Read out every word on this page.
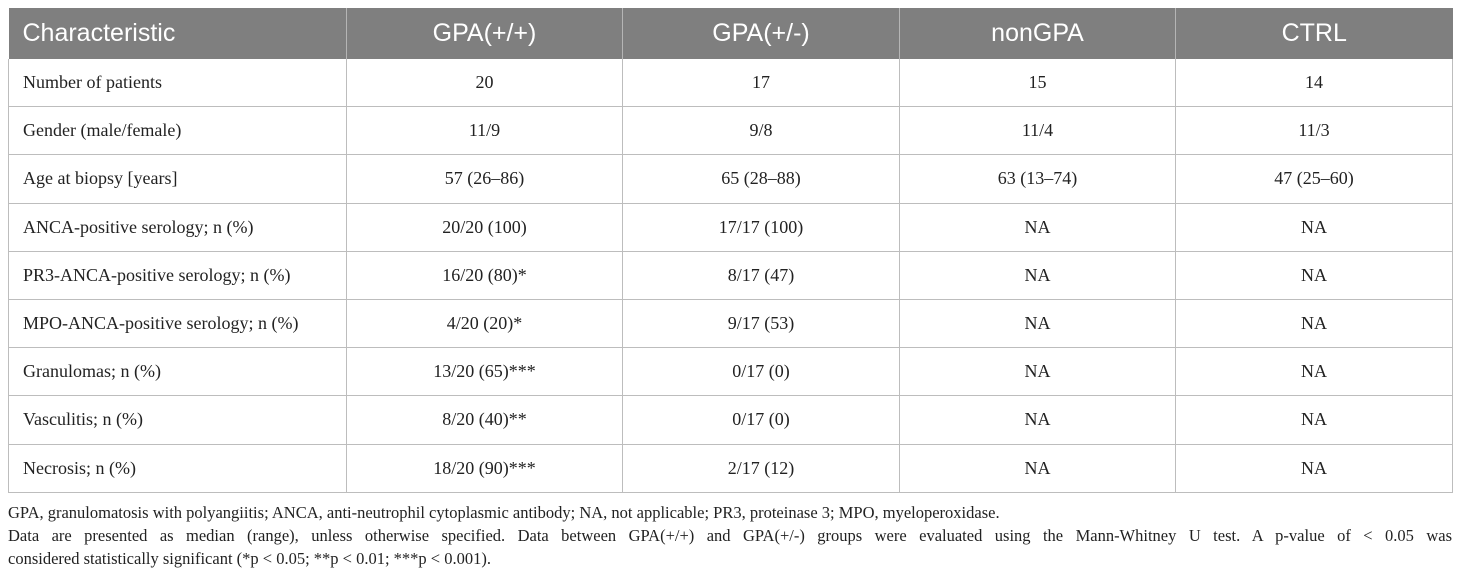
Characteristic	GPA(+/+)	GPA(+/-)	nonGPA	CTRL
Number of patients	20	17	15	14
Gender (male/female)	11/9	9/8	11/4	11/3
Age at biopsy [years]	57 (26–86)	65 (28–88)	63 (13–74)	47 (25–60)
ANCA-positive serology; n (%)	20/20 (100)	17/17 (100)	NA	NA
PR3-ANCA-positive serology; n (%)	16/20 (80)*	8/17 (47)	NA	NA
MPO-ANCA-positive serology; n (%)	4/20 (20)*	9/17 (53)	NA	NA
Granulomas; n (%)	13/20 (65)***	0/17 (0)	NA	NA
Vasculitis; n (%)	8/20 (40)**	0/17 (0)	NA	NA
Necrosis; n (%)	18/20 (90)***	2/17 (12)	NA	NA

GPA, granulomatosis with polyangiitis; ANCA, anti-neutrophil cytoplasmic antibody; NA, not applicable; PR3, proteinase 3; MPO, myeloperoxidase.

Data are presented as median (range), unless otherwise specified. Data between GPA(+/+) and GPA(+/-) groups were evaluated using the Mann-Whitney U test. A p-value of < 0.05 was

considered statistically significant (*p < 0.05; **p < 0.01; ***p < 0.001).
